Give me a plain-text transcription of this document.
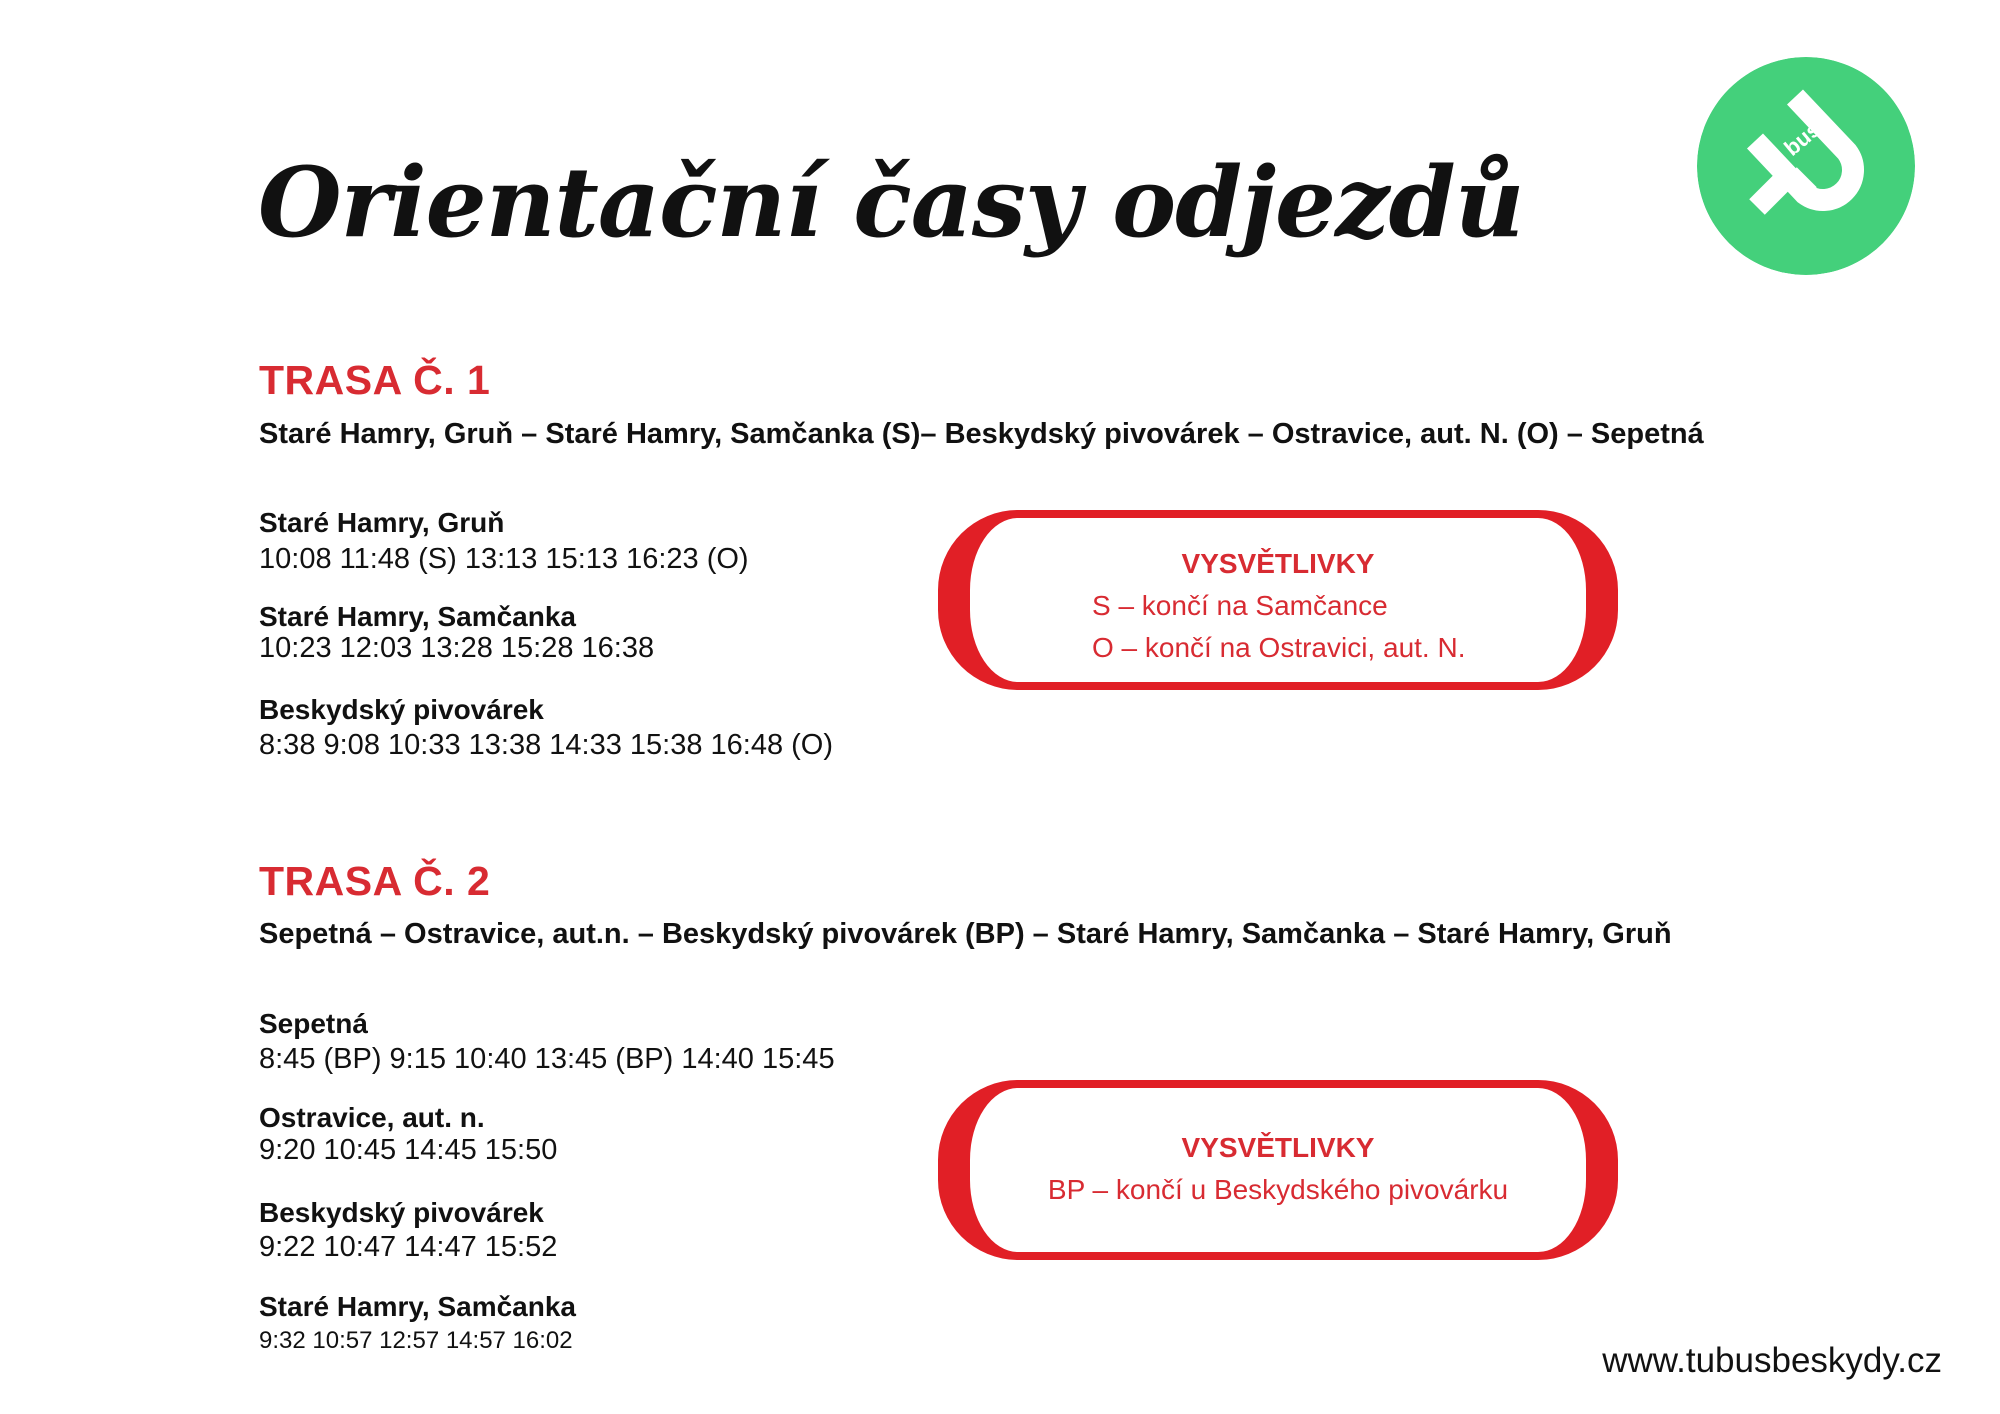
Orientační časy odjezdů
bus
TRASA Č. 1
Staré Hamry, Gruň – Staré Hamry, Samčanka (S)– Beskydský pivovárek – Ostravice, aut. N. (O) – Sepetná
Staré Hamry, Gruň
10:08 11:48 (S) 13:13 15:13 16:23 (O)
Staré Hamry, Samčanka
10:23 12:03 13:28 15:28 16:38
Beskydský pivovárek
8:38 9:08 10:33 13:38 14:33 15:38 16:48 (O)
VYSVĚTLIVKY
S – končí na Samčance
O – končí na Ostravici, aut. N.
TRASA Č. 2
Sepetná – Ostravice, aut.n. – Beskydský pivovárek (BP) – Staré Hamry, Samčanka – Staré Hamry, Gruň
Sepetná
8:45 (BP) 9:15 10:40 13:45 (BP) 14:40 15:45
Ostravice, aut. n.
9:20 10:45 14:45 15:50
Beskydský pivovárek
9:22 10:47 14:47 15:52
Staré Hamry, Samčanka
9:32 10:57 12:57 14:57 16:02
VYSVĚTLIVKY
BP – končí u Beskydského pivovárku
www.tubusbeskydy.cz
